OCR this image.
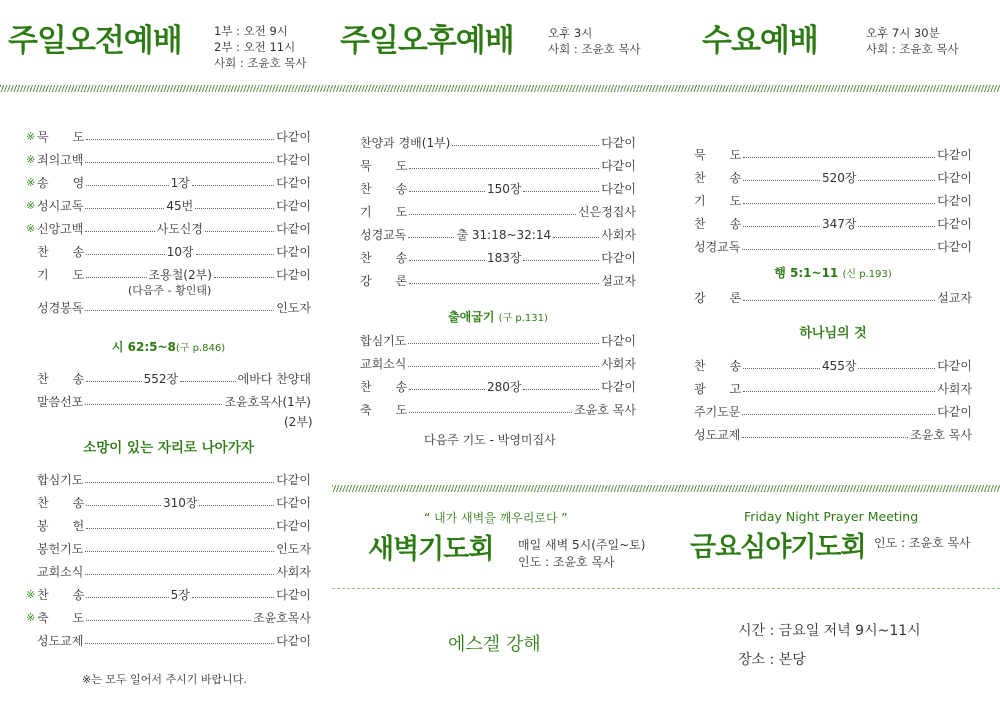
주일오전예배	1부 : 오전 9시
2부 : 오전 11시
사회 : 조윤호 목사
주일오후예배	오후 3시
사회 : 조윤호 목사 수요예배	오후 7시 30분
사회 : 조윤호 목사
※ 묵　　도	다같이
※ 죄의고백	다같이
※ 송　　영	1장	다같이
※ 성시교독	45번	다같이
※ 신앙고백	사도신경	다같이
찬　　송	10장	다같이
기　　도	조용철(2부)	다같이
(다음주 - 황인태)
성경봉독	인도자
시 62:5~8(구 p.846)
찬　　송	552장	에바다 찬양대
말씀선포	조윤호목사(1부)
(2부)
소망이 있는 자리로 나아가자
합심기도	다같이
찬　　송	310장	다같이
봉　　헌	다같이
봉헌기도	인도자
교회소식	사회자
※ 찬　　송	5장	다같이
※ 축　　도	조윤호목사
성도교제	다같이
※는 모두 일어서 주시기 바랍니다.
찬양과 경배(1부)	다같이
묵　　도	다같이
찬　　송	150장	다같이
기　　도	신은정집사
성경교독	출 31:18~32:14	사회자
찬　　송	183장	다같이
강　　론	설교자
출애굽기 (구 p.131)
합심기도	다같이
교회소식	사회자
찬　　송	280장	다같이
축　　도	조윤호 목사
다음주 기도 - 박영미집사
묵　　도	다같이
찬　　송	520장	다같이
기　　도	다같이
찬　　송	347장	다같이
성경교독	다같이
행 5:1~11 (신 p.193)
강　　론	설교자
하나님의 것
찬　　송	455장	다같이
광　　고	사회자
주기도문	다같이
성도교제	조윤호 목사
“ 내가 새벽을 깨우리로다 ”
새벽기도회 매일 새벽 5시(주일~토)
인도 : 조윤호 목사
Friday Night Prayer Meeting
금요심야기도회 인도 : 조윤호 목사
에스겔 강해
시간 : 금요일 저녁 9시~11시
장소 : 본당
